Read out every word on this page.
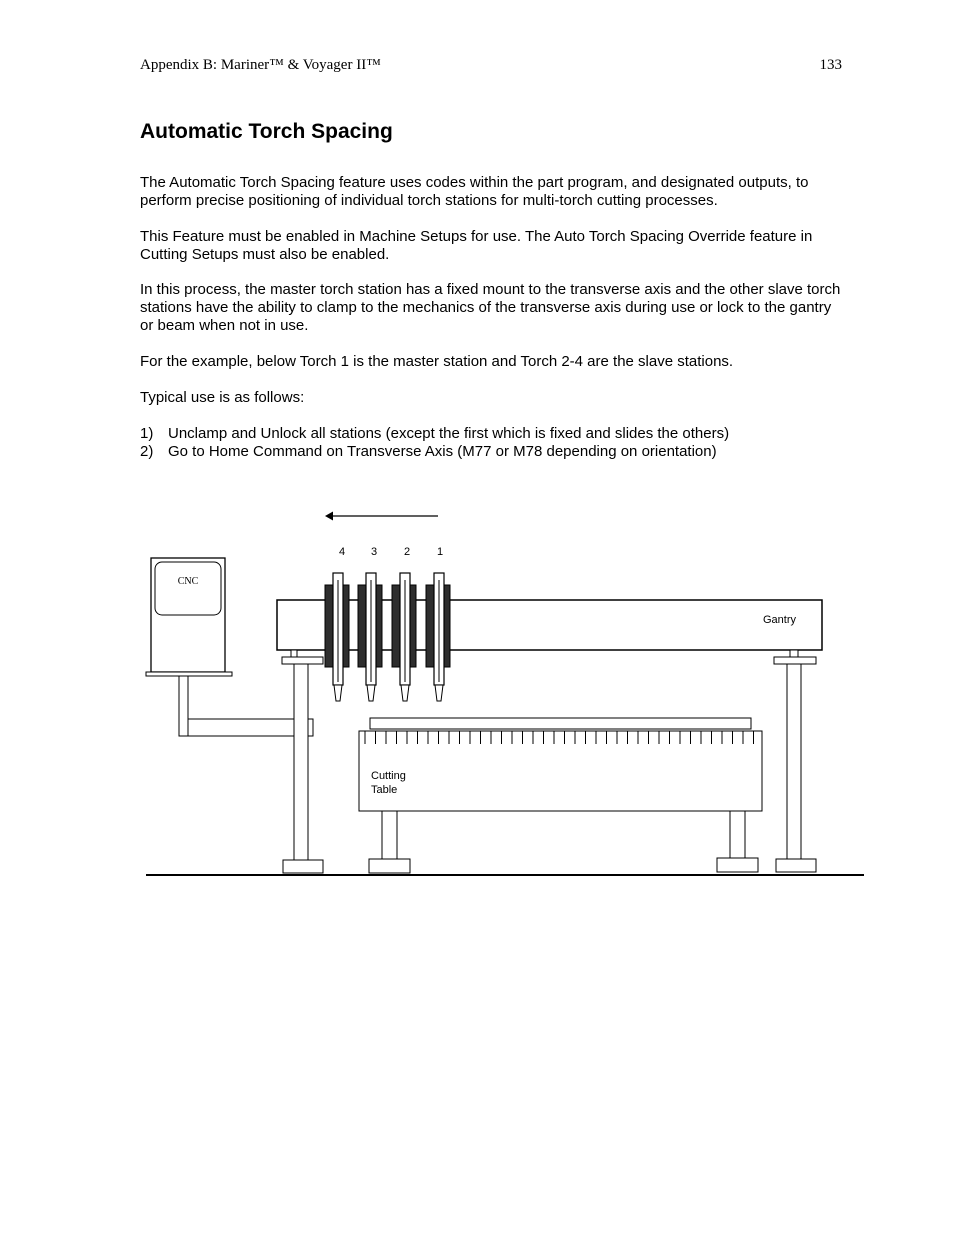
Appendix B: Mariner™ & Voyager II™	133
Automatic Torch Spacing

The Automatic Torch Spacing feature uses codes within the part program, and designated outputs, to perform precise positioning of individual torch stations for multi-torch cutting processes.

This Feature must be enabled in Machine Setups for use. The Auto Torch Spacing Override feature in Cutting Setups must also be enabled.

In this process, the master torch station has a fixed mount to the transverse axis and the other slave torch stations have the ability to clamp to the mechanics of the transverse axis during use or lock to the gantry or beam when not in use.

For the example, below Torch 1 is the master station and Torch 2-4 are the slave stations.

Typical use is as follows:

1) Unclamp and Unlock all stations (except the first which is fixed and slides the others)
2) Go to Home Command on Transverse Axis (M77 or M78 depending on orientation)
4 3 2 1
CNC
Gantry
Cutting
Table
